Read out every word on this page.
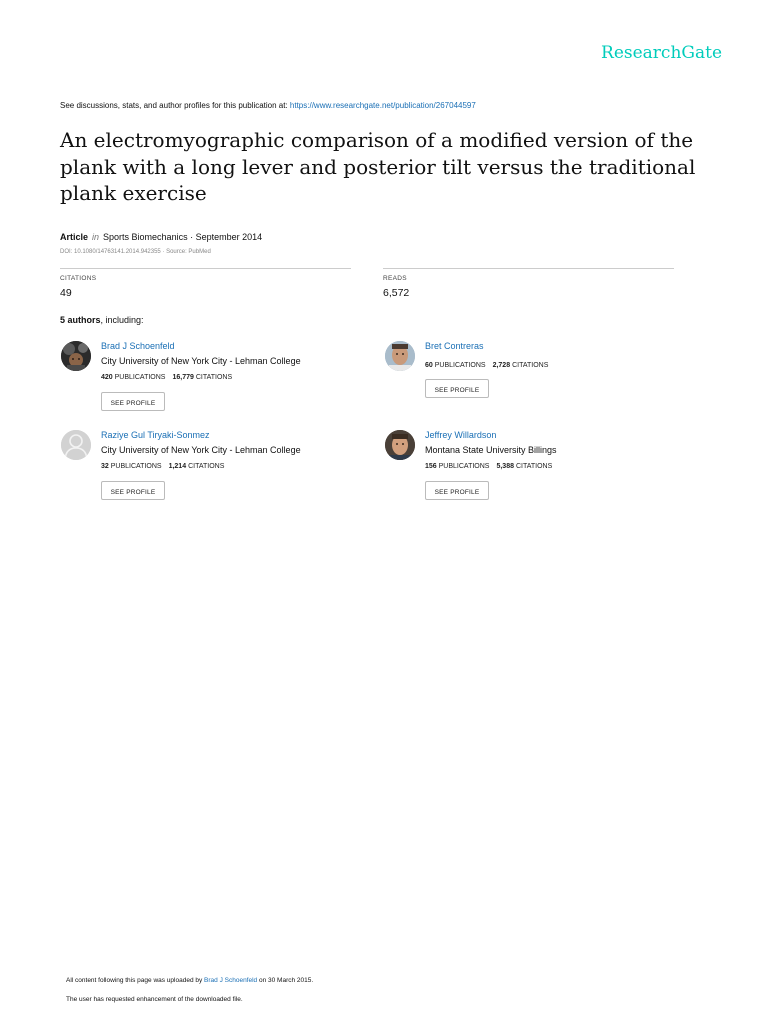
ResearchGate
See discussions, stats, and author profiles for this publication at: https://www.researchgate.net/publication/267044597
An electromyographic comparison of a modified version of the plank with a long lever and posterior tilt versus the traditional plank exercise
Article in Sports Biomechanics · September 2014
DOI: 10.1080/14763141.2014.942355 · Source: PubMed
CITATIONS
49
READS
6,572
5 authors, including:
Brad J Schoenfeld
City University of New York City - Lehman College
420 PUBLICATIONS 16,779 CITATIONS
SEE PROFILE
Bret Contreras
60 PUBLICATIONS 2,728 CITATIONS
SEE PROFILE
Raziye Gul Tiryaki-Sonmez
City University of New York City - Lehman College
32 PUBLICATIONS 1,214 CITATIONS
SEE PROFILE
Jeffrey Willardson
Montana State University Billings
156 PUBLICATIONS 5,388 CITATIONS
SEE PROFILE
All content following this page was uploaded by Brad J Schoenfeld on 30 March 2015.
The user has requested enhancement of the downloaded file.
